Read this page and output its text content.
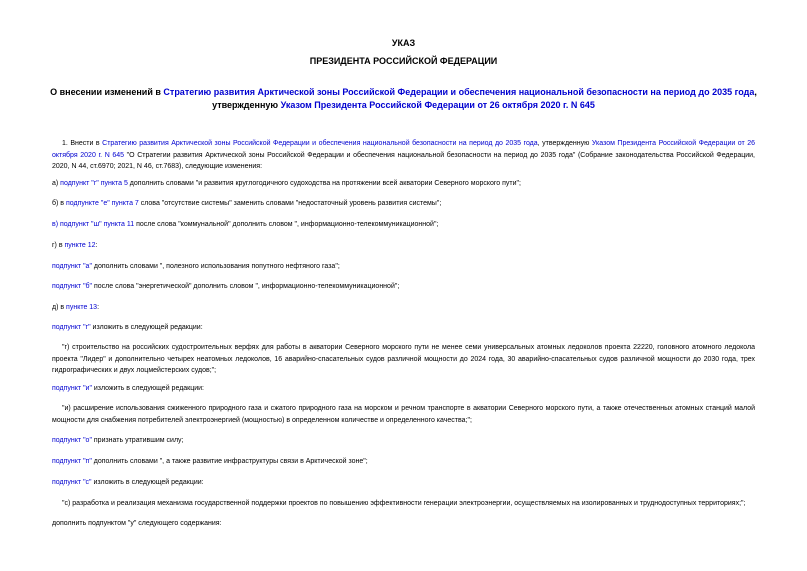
УКАЗ
ПРЕЗИДЕНТА РОССИЙСКОЙ ФЕДЕРАЦИИ
О внесении изменений в Стратегию развития Арктической зоны Российской Федерации и обеспечения национальной безопасности на период до 2035 года, утвержденную Указом Президента Российской Федерации от 26 октября 2020 г. N 645
1. Внести в Стратегию развития Арктической зоны Российской Федерации и обеспечения национальной безопасности на период до 2035 года, утвержденную Указом Президента Российской Федерации от 26 октября 2020 г. N 645 "О Стратегии развития Арктической зоны Российской Федерации и обеспечения национальной безопасности на период до 2035 года" (Собрание законодательства Российской Федерации, 2020, N 44, ст.6970; 2021, N 46, ст.7683), следующие изменения:
а) подпункт "г" пункта 5 дополнить словами "и развития круглогодичного судоходства на протяжении всей акватории Северного морского пути";
б) в подпункте "е" пункта 7 слова "отсутствие системы" заменить словами "недостаточный уровень развития системы";
в) подпункт "ш" пункта 11 после слова "коммунальной" дополнить словом ", информационно-телекоммуникационной";
г) в пункте 12:
подпункт "а" дополнить словами ", полезного использования попутного нефтяного газа";
подпункт "б" после слова "энергетической" дополнить словом ", информационно-телекоммуникационной";
д) в пункте 13:
подпункт "г" изложить в следующей редакции:
"г) строительство на российских судостроительных верфях для работы в акватории Северного морского пути не менее семи универсальных атомных ледоколов проекта 22220, головного атомного ледокола проекта "Лидер" и дополнительно четырех неатомных ледоколов, 16 аварийно-спасательных судов различной мощности до 2024 года, 30 аварийно-спасательных судов различной мощности до 2030 года, трех гидрографических и двух лоцмейстерских судов;";
подпункт "и" изложить в следующей редакции:
"и) расширение использования сжиженного природного газа и сжатого природного газа на морском и речном транспорте в акватории Северного морского пути, а также отечественных атомных станций малой мощности для снабжения потребителей электроэнергией (мощностью) в определенном количестве и определенного качества;";
подпункт "о" признать утратившим силу;
подпункт "п" дополнить словами ", а также развитие инфраструктуры связи в Арктической зоне";
подпункт "с" изложить в следующей редакции:
"с) разработка и реализация механизма государственной поддержки проектов по повышению эффективности генерации электроэнергии, осуществляемых на изолированных и труднодоступных территориях;";
дополнить подпунктом "у" следующего содержания:
